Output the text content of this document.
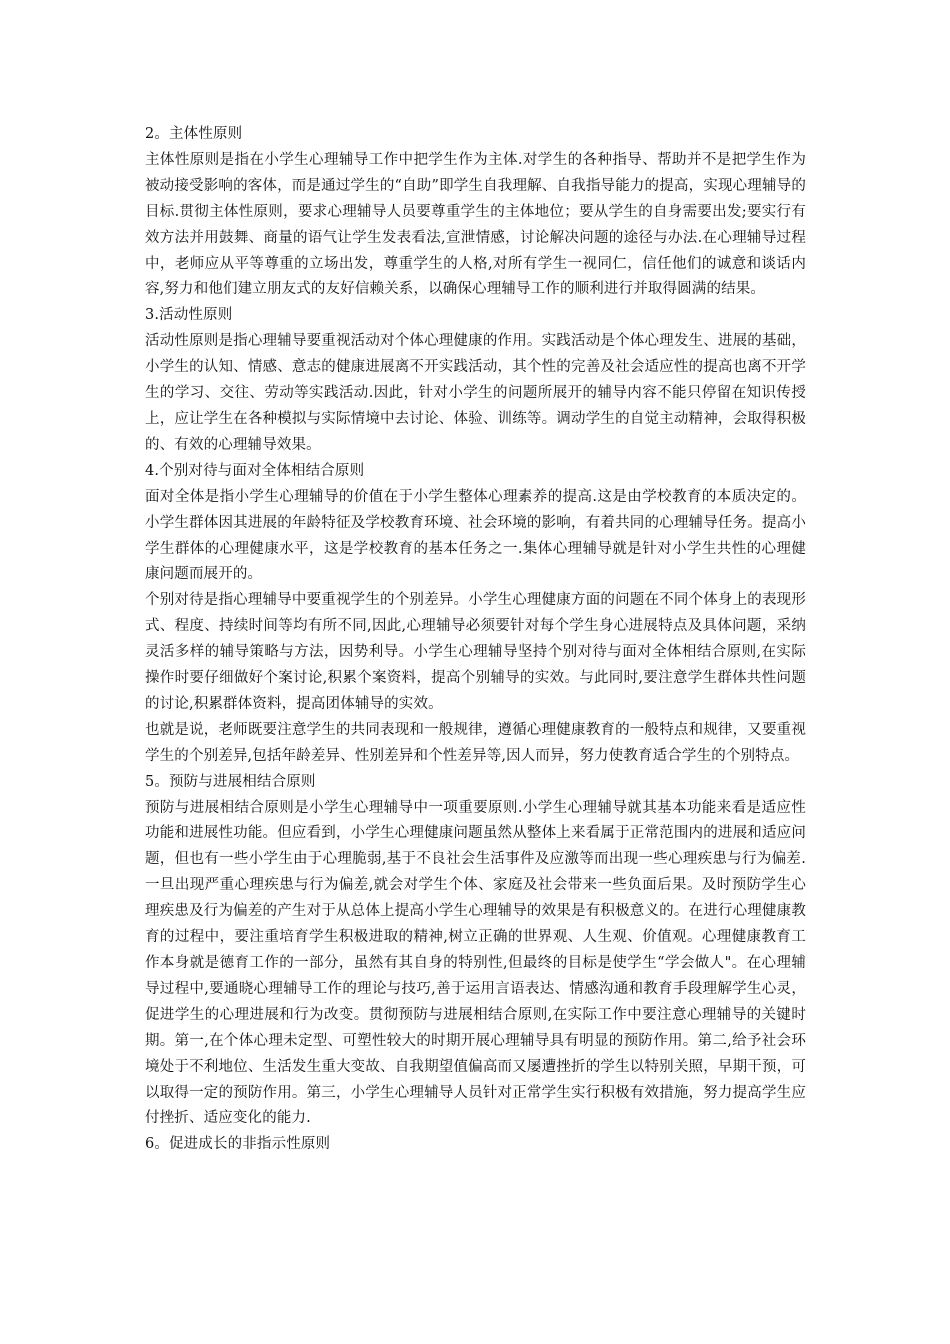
2。主体性原则

主体性原则是指在小学生心理辅导工作中把学生作为主体.对学生的各种指导、帮助并不是把学生作为被动接受影响的客体，而是通过学生的“自助”即学生自我理解、自我指导能力的提高，实现心理辅导的目标.贯彻主体性原则，要求心理辅导人员要尊重学生的主体地位；要从学生的自身需要出发;要实行有效方法并用鼓舞、商量的语气让学生发表看法,宣泄情感，讨论解决问题的途径与办法.在心理辅导过程中，老师应从平等尊重的立场出发，尊重学生的人格,对所有学生一视同仁，信任他们的诚意和谈话内容,努力和他们建立朋友式的友好信赖关系，以确保心理辅导工作的顺利进行并取得圆满的结果。

3.活动性原则

活动性原则是指心理辅导要重视活动对个体心理健康的作用。实践活动是个体心理发生、进展的基础，小学生的认知、情感、意志的健康进展离不开实践活动，其个性的完善及社会适应性的提高也离不开学生的学习、交往、劳动等实践活动.因此，针对小学生的问题所展开的辅导内容不能只停留在知识传授上，应让学生在各种模拟与实际情境中去讨论、体验、训练等。调动学生的自觉主动精神，会取得积极的、有效的心理辅导效果。

4.个别对待与面对全体相结合原则

面对全体是指小学生心理辅导的价值在于小学生整体心理素养的提高.这是由学校教育的本质决定的。小学生群体因其进展的年龄特征及学校教育环境、社会环境的影响，有着共同的心理辅导任务。提高小学生群体的心理健康水平，这是学校教育的基本任务之一.集体心理辅导就是针对小学生共性的心理健康问题而展开的。

个别对待是指心理辅导中要重视学生的个别差异。小学生心理健康方面的问题在不同个体身上的表现形式、程度、持续时间等均有所不同,因此,心理辅导必须要针对每个学生身心进展特点及具体问题，采纳灵活多样的辅导策略与方法，因势利导。小学生心理辅导坚持个别对待与面对全体相结合原则,在实际操作时要仔细做好个案讨论,积累个案资料，提高个别辅导的实效。与此同时,要注意学生群体共性问题的讨论,积累群体资料，提高团体辅导的实效。

也就是说，老师既要注意学生的共同表现和一般规律，遵循心理健康教育的一般特点和规律，又要重视学生的个别差异,包括年龄差异、性别差异和个性差异等,因人而异，努力使教育适合学生的个别特点。

5。预防与进展相结合原则

预防与进展相结合原则是小学生心理辅导中一项重要原则.小学生心理辅导就其基本功能来看是适应性功能和进展性功能。但应看到，小学生心理健康问题虽然从整体上来看属于正常范围内的进展和适应问题，但也有一些小学生由于心理脆弱,基于不良社会生活事件及应激等而出现一些心理疾患与行为偏差.一旦出现严重心理疾患与行为偏差,就会对学生个体、家庭及社会带来一些负面后果。及时预防学生心理疾患及行为偏差的产生对于从总体上提高小学生心理辅导的效果是有积极意义的。在进行心理健康教育的过程中，要注重培育学生积极进取的精神,树立正确的世界观、人生观、价值观。心理健康教育工作本身就是德育工作的一部分，虽然有其自身的特别性,但最终的目标是使学生“学会做人"。在心理辅导过程中,要通晓心理辅导工作的理论与技巧,善于运用言语表达、情感沟通和教育手段理解学生心灵，促进学生的心理进展和行为改变。贯彻预防与进展相结合原则,在实际工作中要注意心理辅导的关键时期。第一,在个体心理未定型、可塑性较大的时期开展心理辅导具有明显的预防作用。第二,给予社会环境处于不利地位、生活发生重大变故、自我期望值偏高而又屡遭挫折的学生以特别关照，早期干预，可以取得一定的预防作用。第三，小学生心理辅导人员针对正常学生实行积极有效措施，努力提高学生应付挫折、适应变化的能力.

6。促进成长的非指示性原则
